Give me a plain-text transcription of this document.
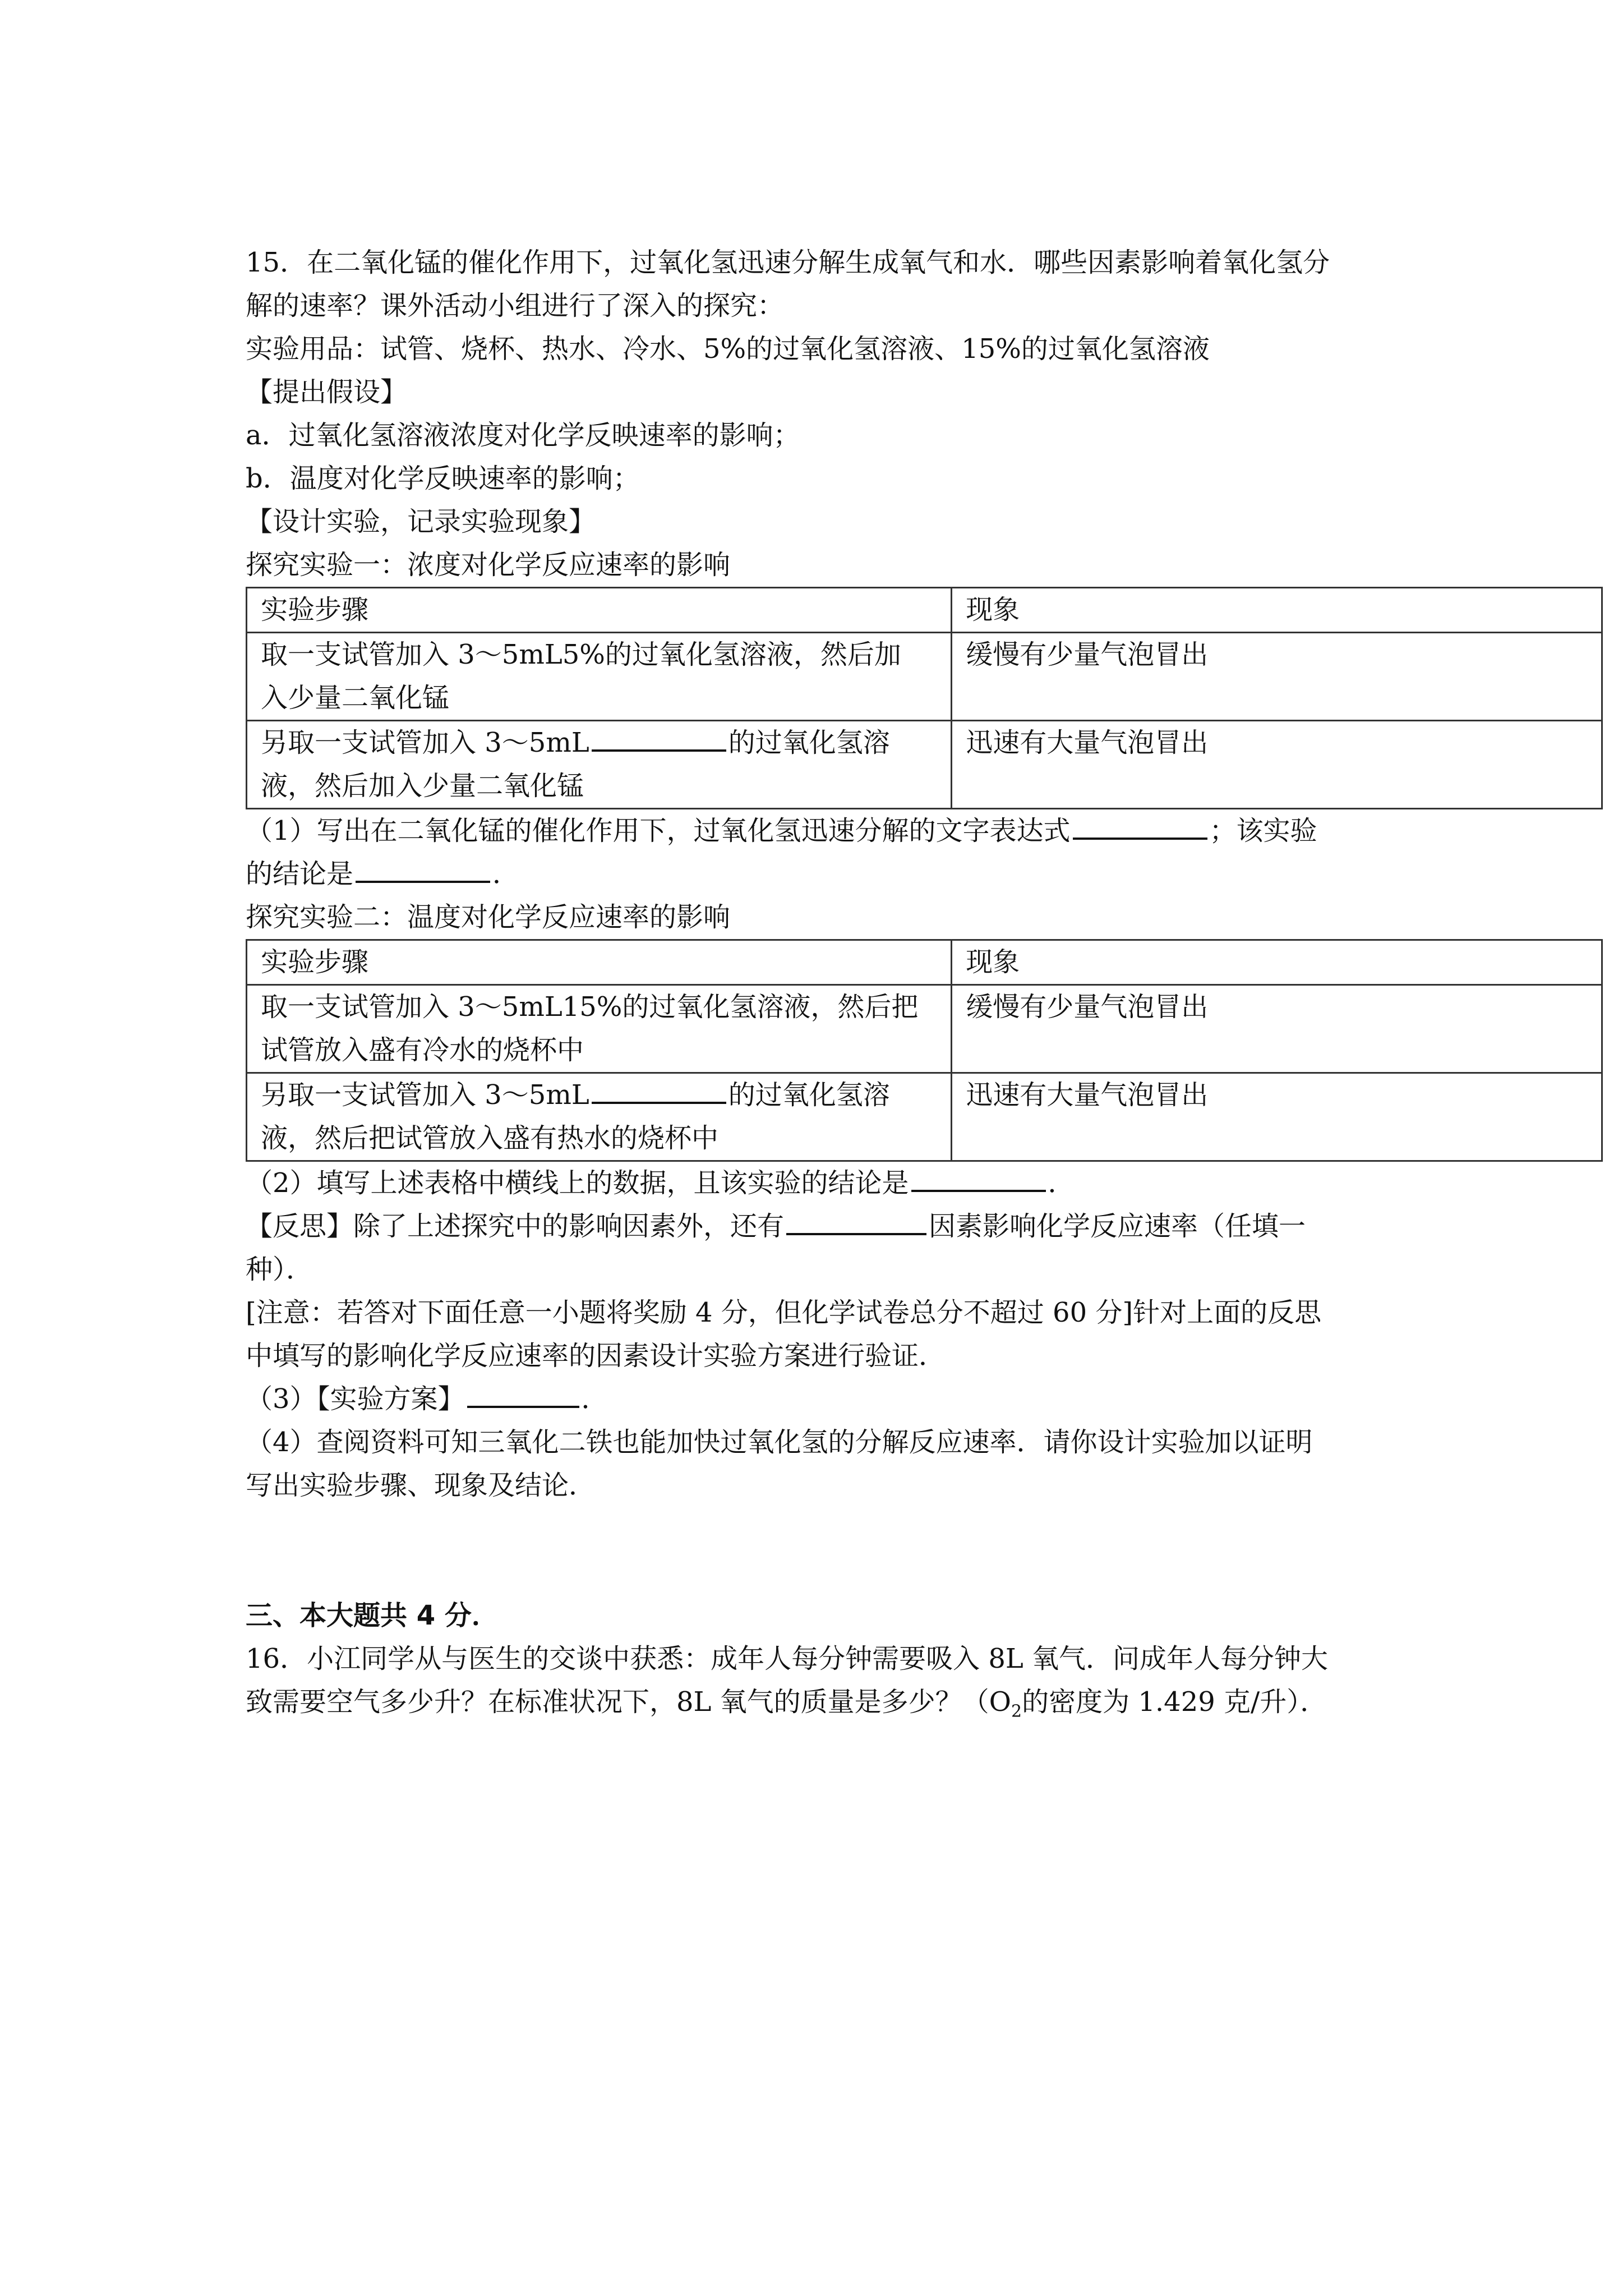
15．在二氧化锰的催化作用下，过氧化氢迅速分解生成氧气和水．哪些因素影响着氧化氢分
解的速率？课外活动小组进行了深入的探究：
实验用品：试管、烧杯、热水、冷水、5%的过氧化氢溶液、15%的过氧化氢溶液
【提出假设】
a．过氧化氢溶液浓度对化学反映速率的影响；
b．温度对化学反映速率的影响；
【设计实验，记录实验现象】
探究实验一：浓度对化学反应速率的影响
实验步骤	现象

取一支试管加入 3～5mL5%的过氧化氢溶液，然后加
入少量二氧化锰	缓慢有少量气泡冒出

另取一支试管加入 3～5mL 的过氧化氢溶
液，然后加入少量二氧化锰	迅速有大量气泡冒出
（1）写出在二氧化锰的催化作用下，过氧化氢迅速分解的文字表达式	；该实验
的结论是	．
探究实验二：温度对化学反应速率的影响
实验步骤	现象

取一支试管加入 3～5mL15%的过氧化氢溶液，然后把
试管放入盛有冷水的烧杯中	缓慢有少量气泡冒出

另取一支试管加入 3～5mL 的过氧化氢溶
液，然后把试管放入盛有热水的烧杯中	迅速有大量气泡冒出
（2）填写上述表格中横线上的数据，且该实验的结论是	．
【反思】除了上述探究中的影响因素外，还有	因素影响化学反应速率（任填一
种）．
[注意：若答对下面任意一小题将奖励 4 分，但化学试卷总分不超过 60 分]针对上面的反思
中填写的影响化学反应速率的因素设计实验方案进行验证．
（3）【实验方案】	．
（4）查阅资料可知三氧化二铁也能加快过氧化氢的分解反应速率．请你设计实验加以证明
写出实验步骤、现象及结论．
三、本大题共 4 分．
16．小江同学从与医生的交谈中获悉：成年人每分钟需要吸入 8L 氧气．问成年人每分钟大
致需要空气多少升？在标准状况下，8L 氧气的质量是多少？（$O_2$的密度为 1.429 克/升）．
